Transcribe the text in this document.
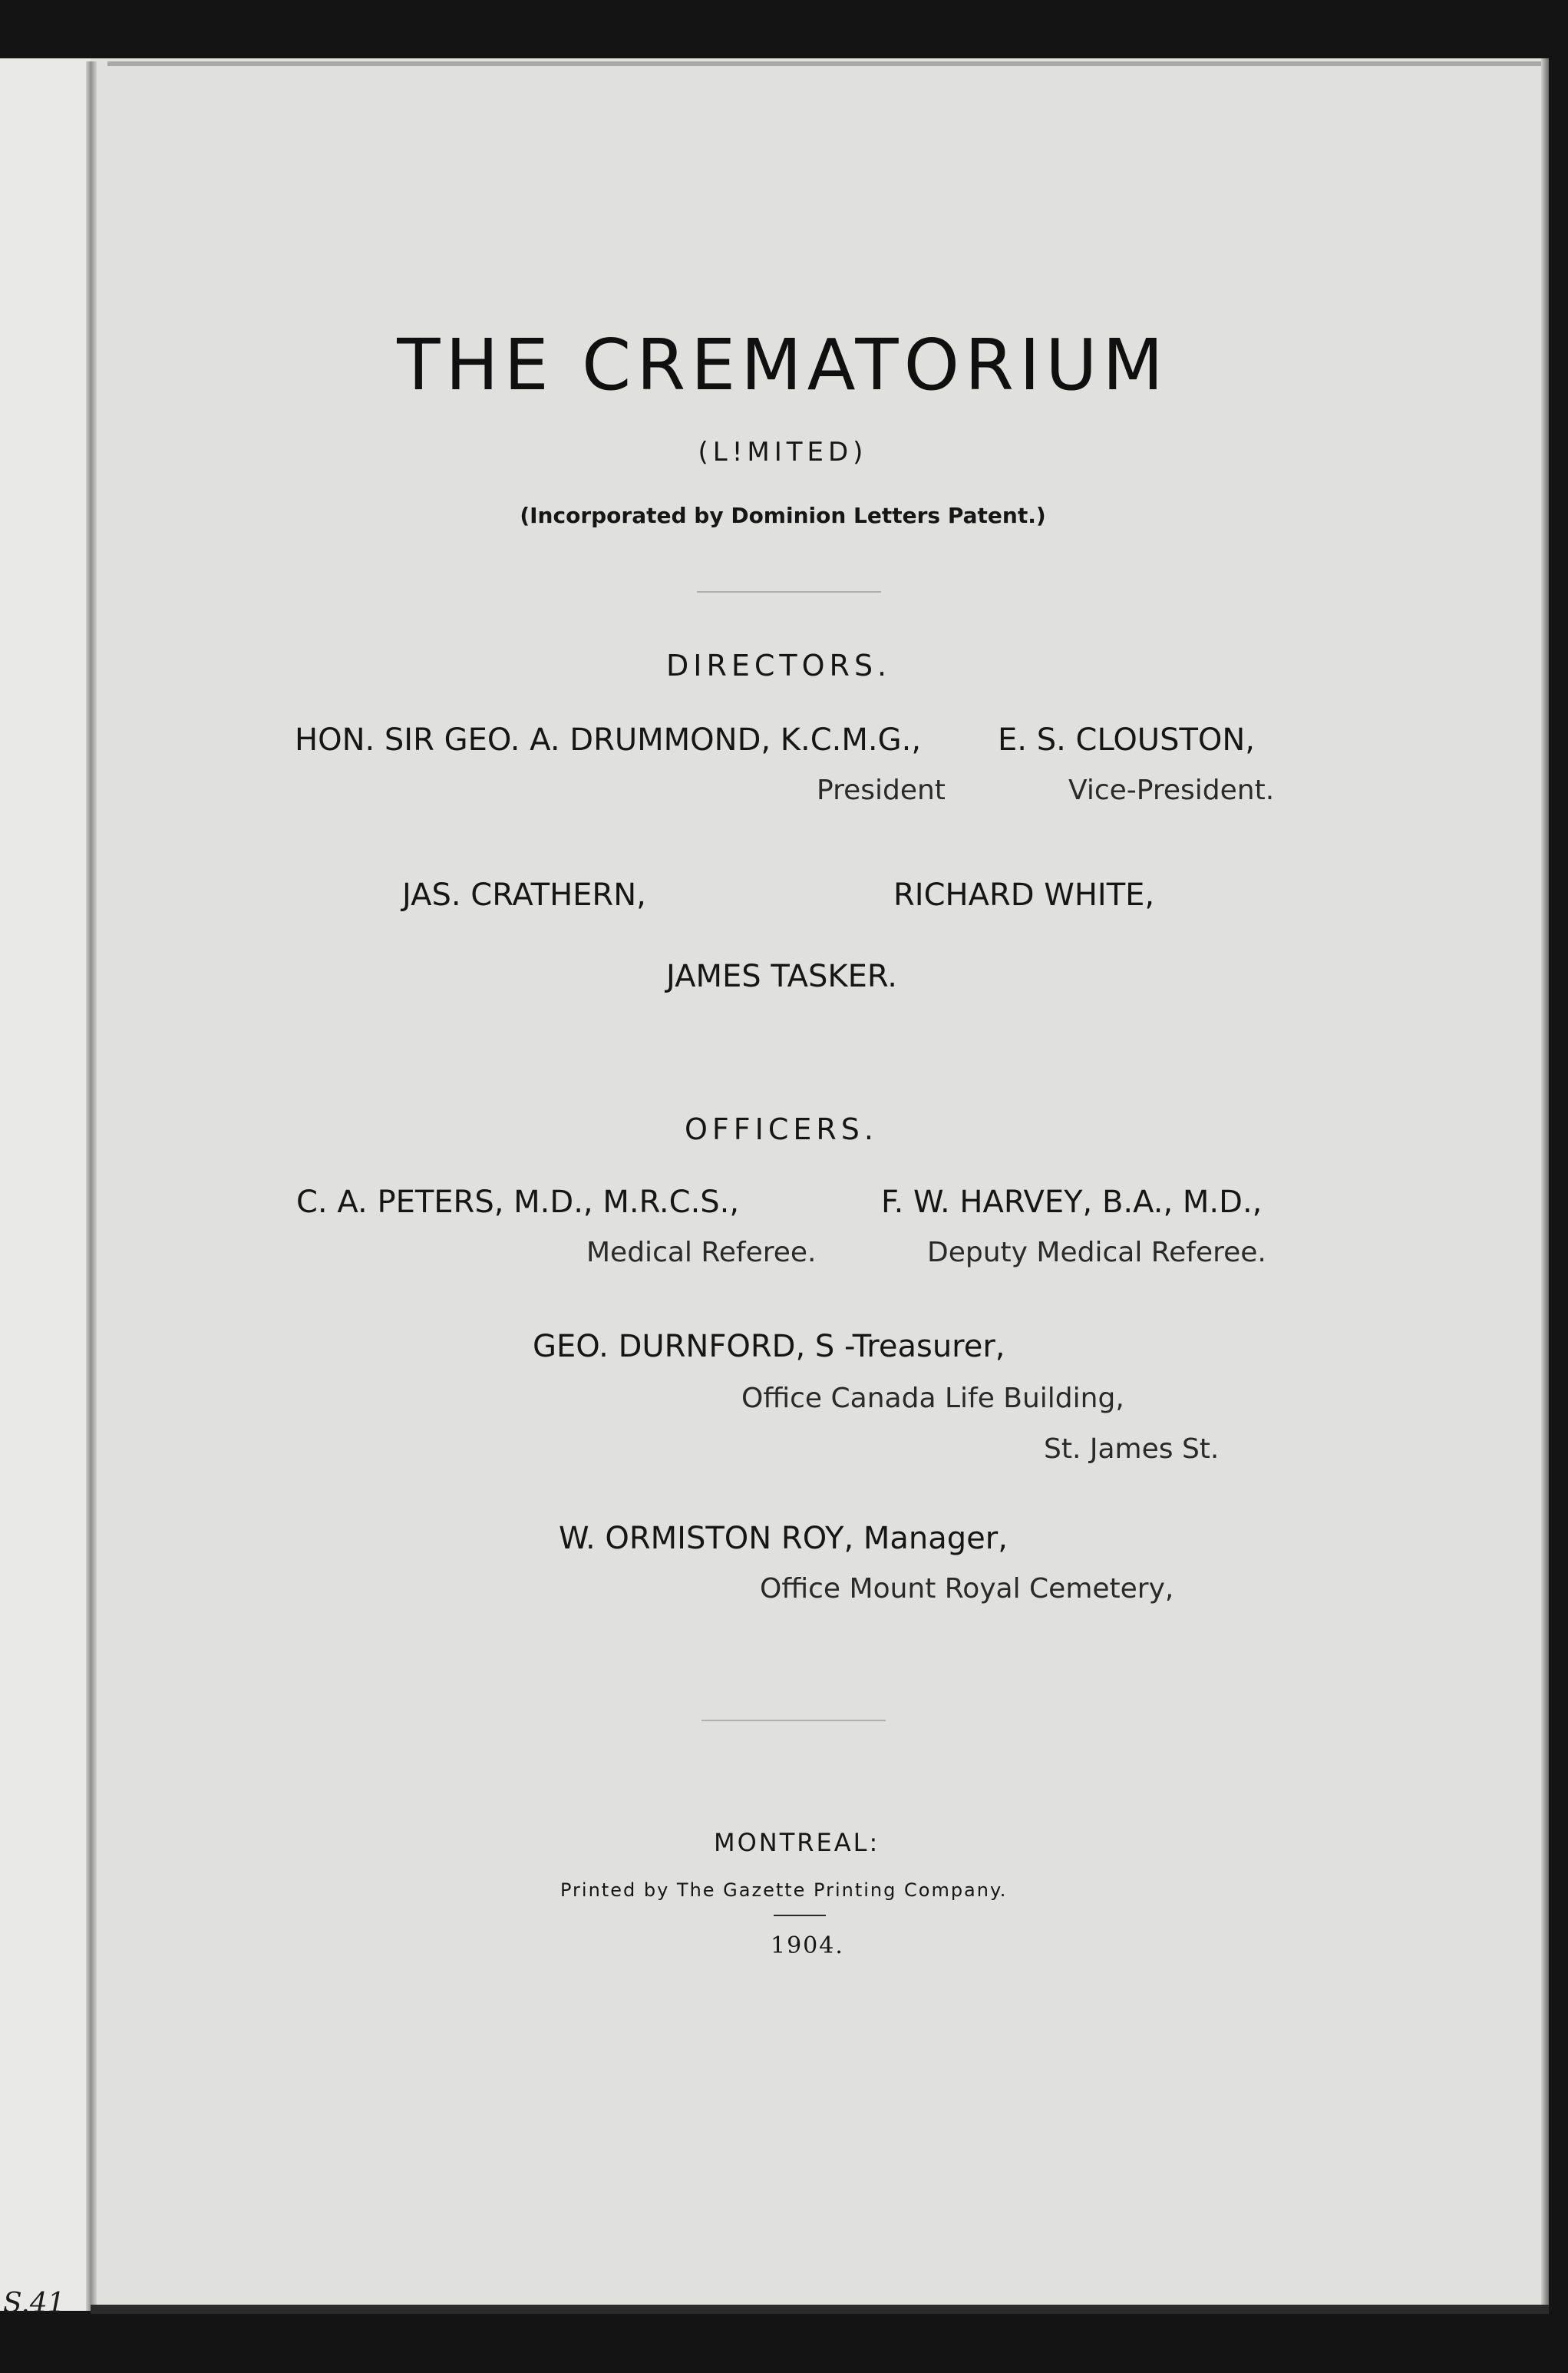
THE CREMATORIUM
(L!MITED)
(Incorporated by Dominion Letters Patent.)
DIRECTORS.
HON. SIR GEO. A. DRUMMOND, K.C.M.G., E. S. CLOUSTON,
President	Vice-President.
JAS. CRATHERN,	RICHAR⁠D WHITE,
JAMES TASKER.
OFFICERS.
C. A. PETERS, M.D., M.R.C.S.,	F. W. HARVEY, B.A., M.D.,
Medical Referee.	Deputy Medical Referee.
GEO. DURNFORD, S -Treasurer,
Office Canada Life Building,
St. James St.
W. ORMISTON ROY, Manager,
Office Mount Royal Cemetery,
MONTREAL:
Printed by The Gazette Printing Company.
1904.
S.41
